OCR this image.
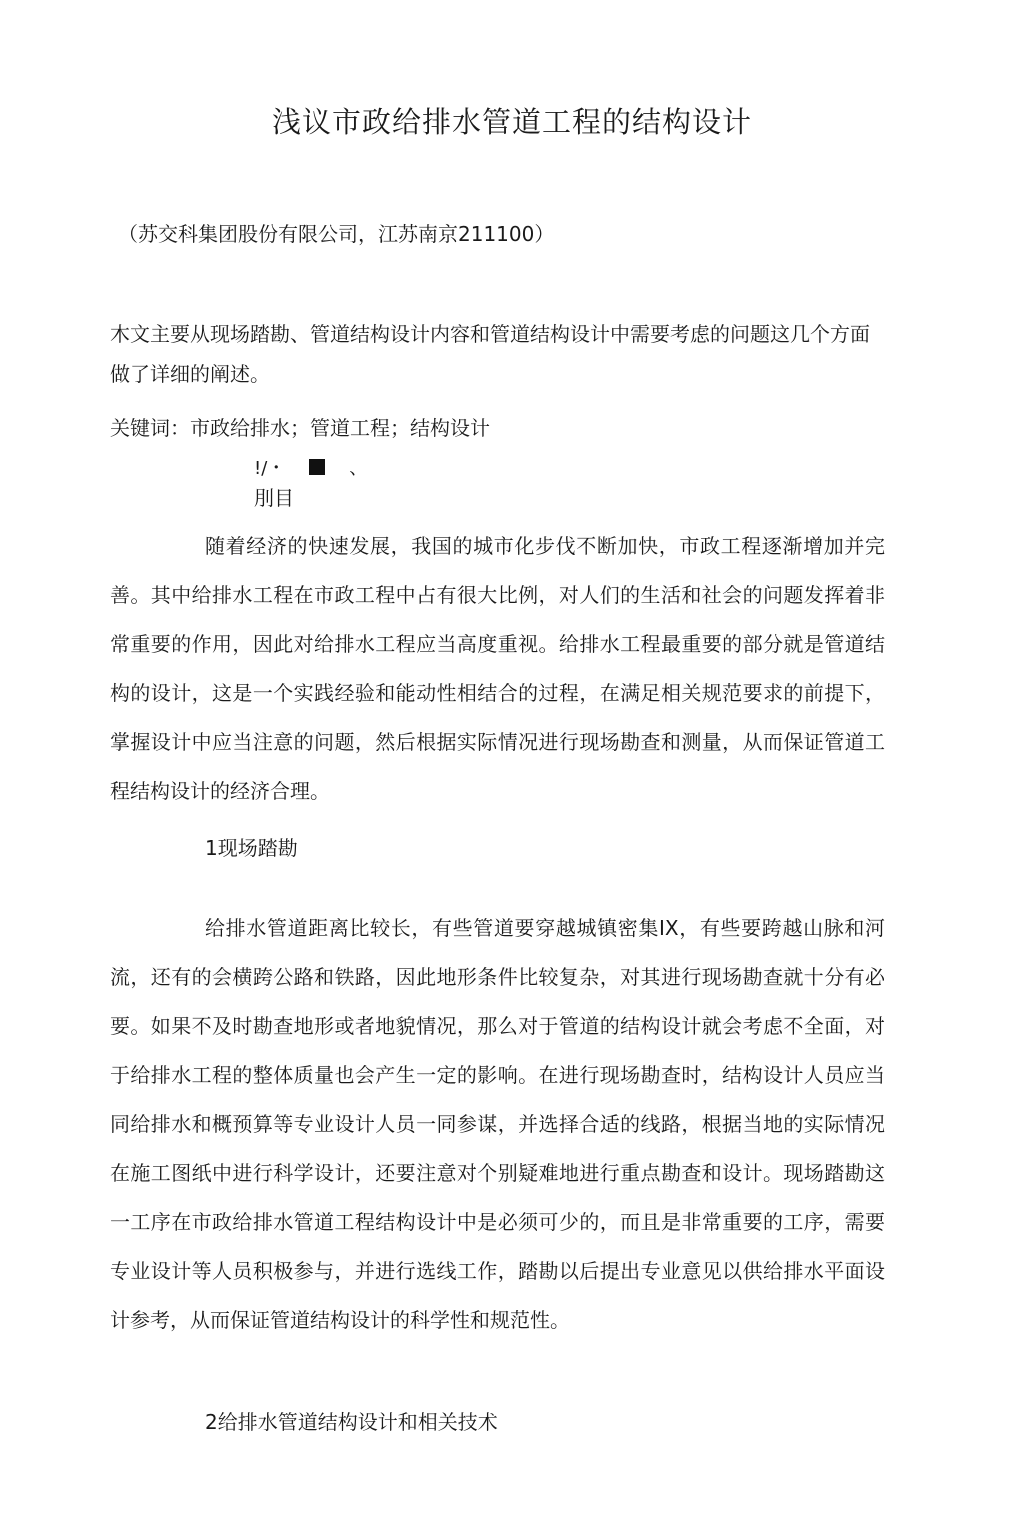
浅议市政给排水管道工程的结构设计

（苏交科集团股份有限公司，江苏南京211100）

木文主要从现场踏勘、管道结构设计内容和管道结构设计中需要考虑的问题这几个方面做了详细的阐述。

关键词：市政给排水；管道工程；结构设计

!/・	、

刖目

随着经济的快速发展，我国的城市化步伐不断加快，市政工程逐渐增加并完善。其中给排水工程在市政工程中占有很大比例，对人们的生活和社会的问题发挥着非常重要的作用，因此对给排水工程应当高度重视。给排水工程最重要的部分就是管道结构的设计，这是一个实践经验和能动性相结合的过程，在满足相关规范要求的前提下，掌握设计中应当注意的问题，然后根据实际情况进行现场勘查和测量，从而保证管道工程结构设计的经济合理。

1现场踏勘

给排水管道距离比较长，有些管道要穿越城镇密集IX，有些要跨越山脉和河流，还有的会横跨公路和铁路，因此地形条件比较复杂，对其进行现场勘查就十分有必要。如果不及时勘查地形或者地貌情况，那么对于管道的结构设计就会考虑不全面，对于给排水工程的整体质量也会产生一定的影响。在进行现场勘查时，结构设计人员应当同给排水和概预算等专业设计人员一同参谋，并选择合适的线路，根据当地的实际情况在施工图纸中进行科学设计，还要注意对个别疑难地进行重点勘查和设计。现场踏勘这一工序在市政给排水管道工程结构设计中是必须可少的，而且是非常重要的工序，需要专业设计等人员积极参与，并进行选线工作，踏勘以后提出专业意见以供给排水平面设计参考，从而保证管道结构设计的科学性和规范性。

2给排水管道结构设计和相关技术
